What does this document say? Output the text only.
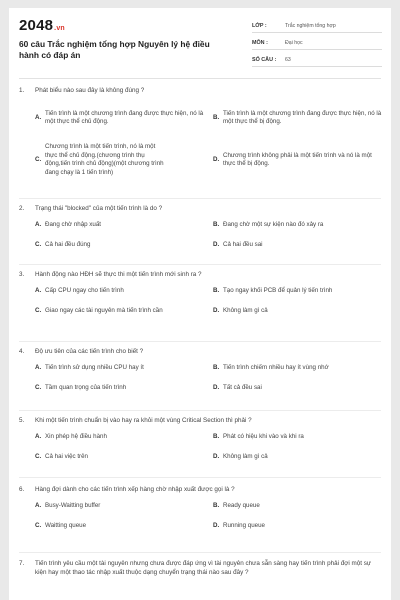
2048.vn
60 câu Trắc nghiệm tổng hợp Nguyên lý hệ điều hành có đáp án
LỚP :	Trắc nghiệm tổng hợp
MÔN :	Đại học
SỐ CÂU :	63
1.	Phát biểu nào sau đây là không đúng ?
A.
Tiến trình là một chương trình đang được thực hiện, nó là một thực thể chủ động.
B.
Tiến trình là một chương trình đang được thực hiện, nó là một thực thể bị động.
C.
Chương trình là một tiến trình, nó là một thực thể chủ động.(chương trình thụ động,tiến trình chủ động)(một chương trình đang chạy là 1 tiến trình)
D.
Chương trình không phải là một tiến trình và nó là một thực thể bị động.
2.	Trạng thái "blocked" của một tiến trình là do ?
A. Đang chờ nhập xuất	B. Đang chờ một sự kiện nào đó xảy ra
C. Cả hai đều đúng	D. Cả hai đều sai
3.	Hành động nào HĐH sẽ thực thi một tiến trình mới sinh ra ?
A. Cấp CPU ngay cho tiến trình	B. Tạo ngay khối PCB để quản lý tiến trình
C. Giao ngay các tài nguyên mà tiến trình cần	D. Không làm gì cả
4.	Độ ưu tiên của các tiến trình cho biết ?
A. Tiến trình sử dụng nhiều CPU hay ít	B. Tiến trình chiếm nhiều hay ít vùng nhớ
C. Tầm quan trọng của tiến trình	D. Tất cả đều sai
5.	Khi một tiến trình chuẩn bị vào hay ra khỏi một vùng Critical Section thì phải ?
A. Xin phép hệ điều hành	B. Phát có hiệu khi vào và khi ra
C. Cả hai việc trên	D. Không làm gì cả
6.	Hàng đợi dành cho các tiến trình xếp hàng chờ nhập xuất được gọi là ?
A. Busy-Waitting buffer	B. Ready queue
C. Waitting queue	D. Running queue
7.	Tiến trình yêu cầu một tài nguyên nhưng chưa được đáp ứng vì tài nguyên chưa sẵn sàng hay tiến trình phải đợi một sự kiện hay một thao tác nhập xuất thuộc dạng chuyển trạng thái nào sau đây ?
